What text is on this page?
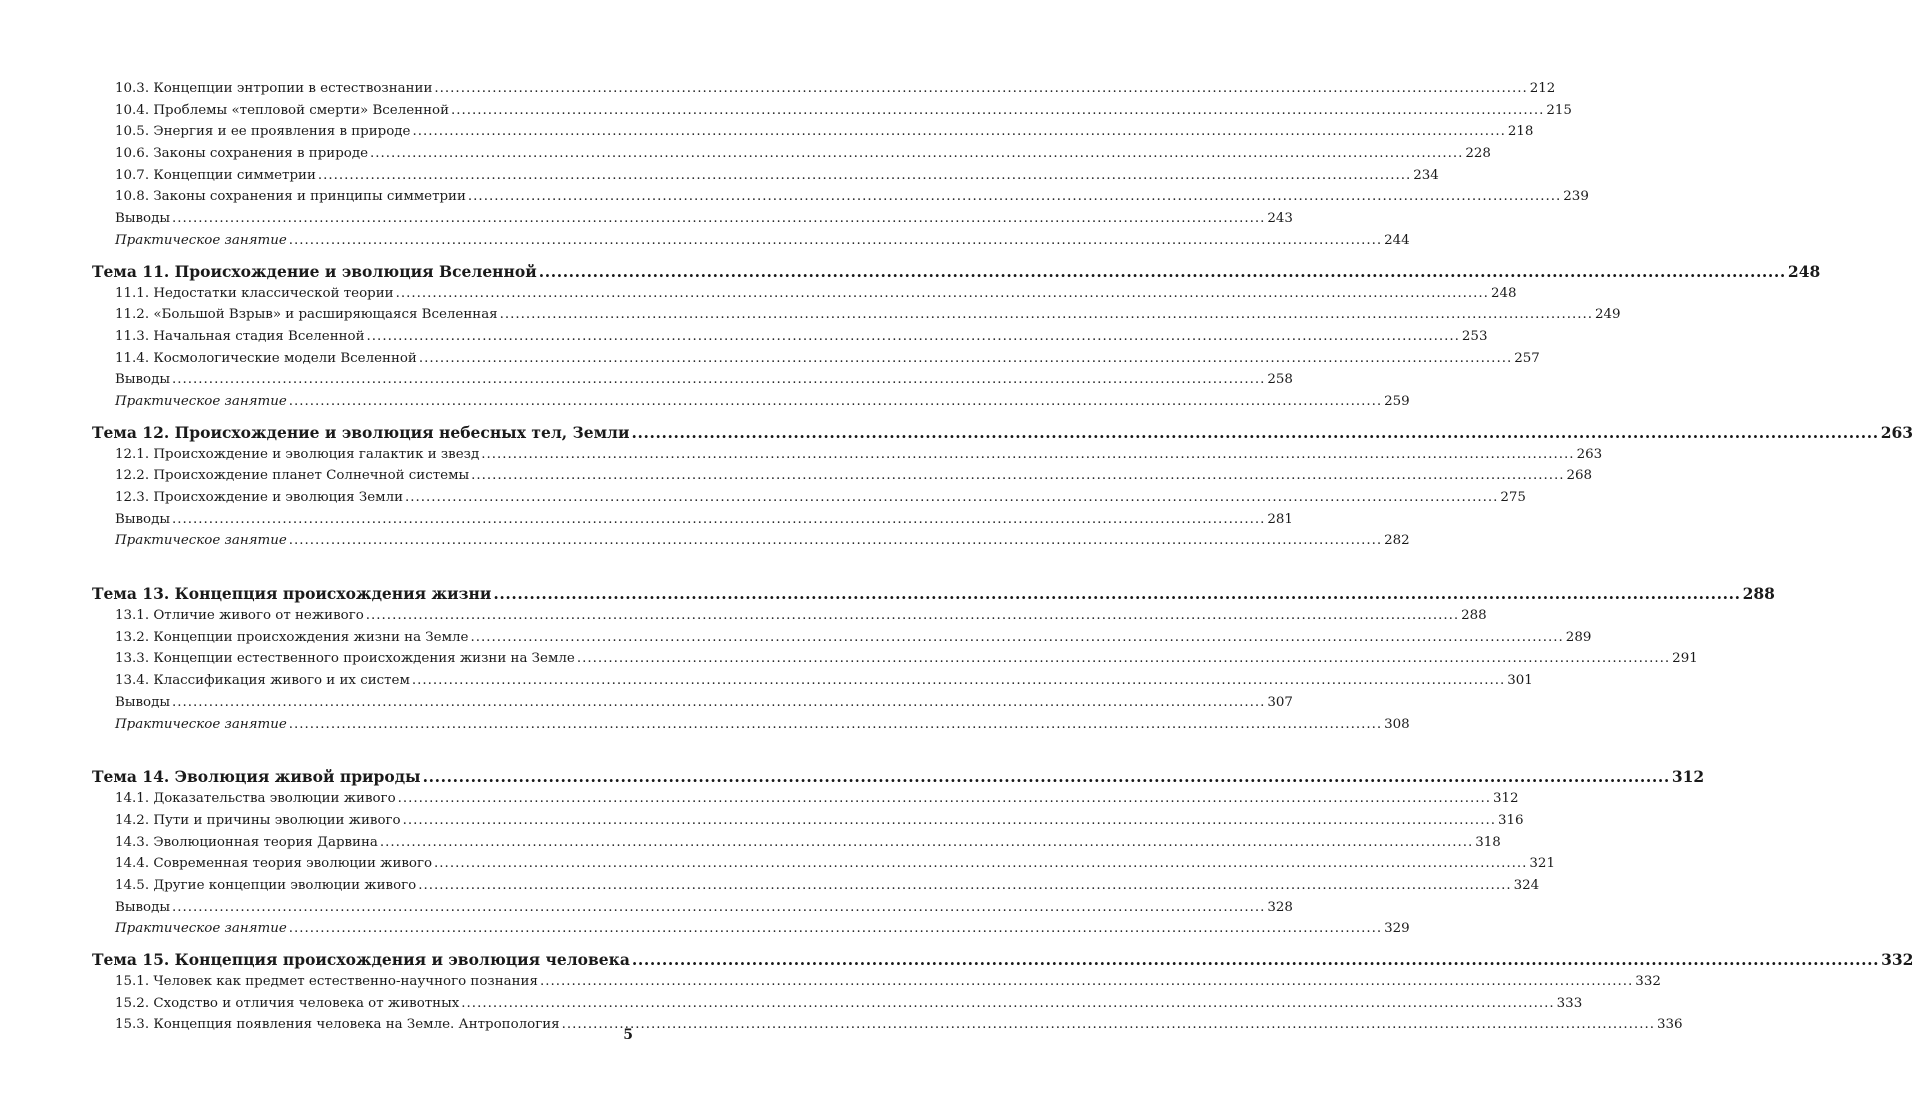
10.3. Концепции энтропии в естествознании .....	212
10.4. Проблемы «тепловой смерти» Вселенной .....	215
10.5. Энергия и ее проявления в природе .....	218
10.6. Законы сохранения в природе .....	228
10.7. Концепции симметрии .....	234
10.8. Законы сохранения и принципы симметрии .....	239
Выводы .....	243
Практическое занятие .....	244
Тема 11. Происхождение и эволюция Вселенной .....	248
11.1. Недостатки классической теории .....	248
11.2. «Большой Взрыв» и расширяющаяся Вселенная .....	249
11.3. Начальная стадия Вселенной .....	253
11.4. Космологические модели Вселенной .....	257
Выводы .....	258
Практическое занятие .....	259
Тема 12. Происхождение и эволюция небесных тел, Земли .....	263
12.1. Происхождение и эволюция галактик и звезд .....	263
12.2. Происхождение планет Солнечной системы .....	268
12.3. Происхождение и эволюция Земли .....	275
Выводы .....	281
Практическое занятие .....	282
Тема 13. Концепция происхождения жизни .....	288
13.1. Отличие живого от неживого .....	288
13.2. Концепции происхождения жизни на Земле .....	289
13.3. Концепции естественного происхождения жизни на Земле .....	291
13.4. Классификация живого и их систем .....	301
Выводы .....	307
Практическое занятие .....	308
Тема 14. Эволюция живой природы .....	312
14.1. Доказательства эволюции живого .....	312
14.2. Пути и причины эволюции живого .....	316
14.3. Эволюционная теория Дарвина .....	318
14.4. Современная теория эволюции живого .....	321
14.5. Другие концепции эволюции живого .....	324
Выводы .....	328
Практическое занятие .....	329
Тема 15. Концепция происхождения и эволюция человека .....	332
15.1. Человек как предмет естественно-научного познания .....	332
15.2. Сходство и отличия человека от животных .....	333
15.3. Концепция появления человека на Земле. Антропология .....	336
5
